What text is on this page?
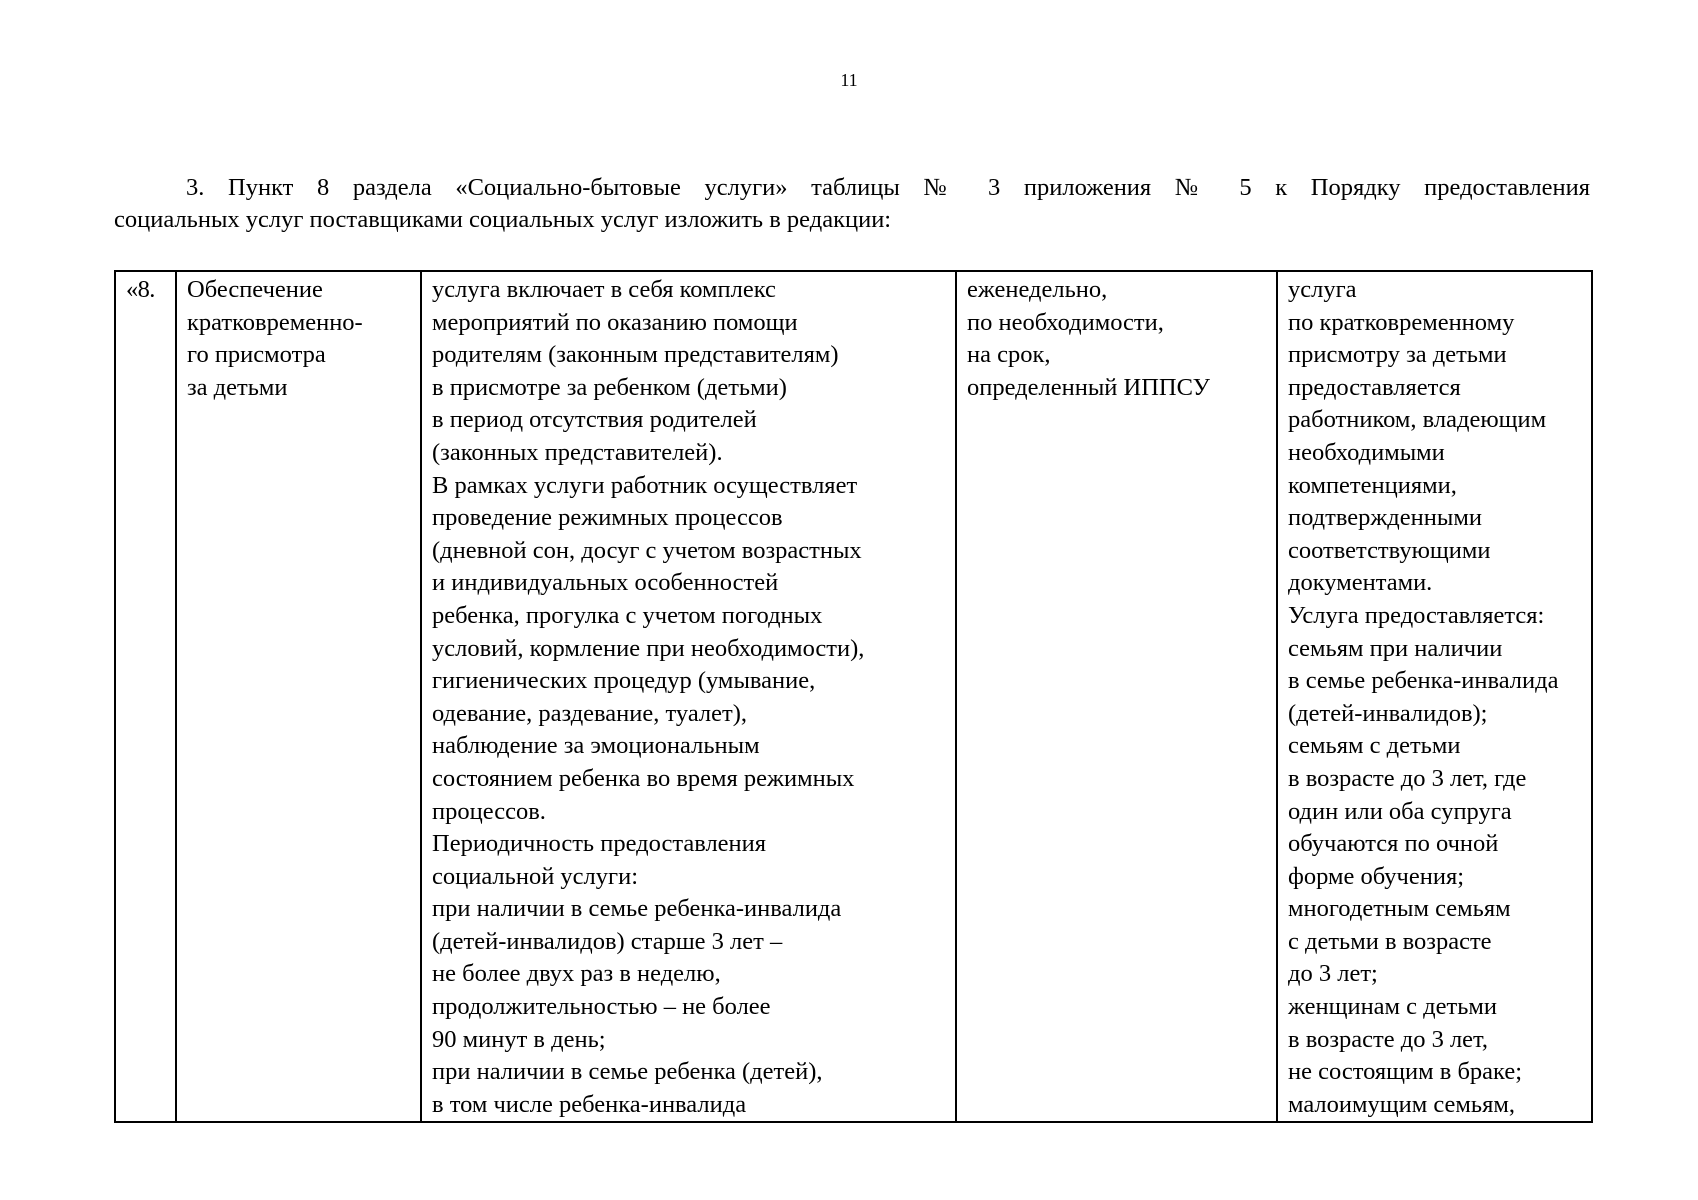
11
3. Пункт 8 раздела «Социально-бытовые услуги» таблицы № 3 приложения № 5 к Порядку предоставления
социальных услуг поставщиками социальных услуг изложить в редакции:
«8.	Обеспечение
кратковременно-
го присмотра
за детьми

услуга включает в себя комплекс
мероприятий по оказанию помощи
родителям (законным представителям)
в присмотре за ребенком (детьми)
в период отсутствия родителей
(законных представителей).
В рамках услуги работник осуществляет
проведение режимных процессов
(дневной сон, досуг с учетом возрастных
и индивидуальных особенностей
ребенка, прогулка с учетом погодных
условий, кормление при необходимости),
гигиенических процедур (умывание,
одевание, раздевание, туалет),
наблюдение за эмоциональным
состоянием ребенка во время режимных
процессов.
Периодичность предоставления
социальной услуги:
при наличии в семье ребенка-инвалида
(детей-инвалидов) старше 3 лет –
не более двух раз в неделю,
продолжительностью – не более
90 минут в день;
при наличии в семье ребенка (детей),
в том числе ребенка-инвалида

еженедельно,
по необходимости,
на срок,
определенный ИППСУ

услуга
по кратковременному
присмотру за детьми
предоставляется
работником, владеющим
необходимыми
компетенциями,
подтвержденными
соответствующими
документами.
Услуга предоставляется:
семьям при наличии
в семье ребенка-инвалида
(детей-инвалидов);
семьям с детьми
в возрасте до 3 лет, где
один или оба супруга
обучаются по очной
форме обучения;
многодетным семьям
с детьми в возрасте
до 3 лет;
женщинам с детьми
в возрасте до 3 лет,
не состоящим в браке;
малоимущим семьям,
